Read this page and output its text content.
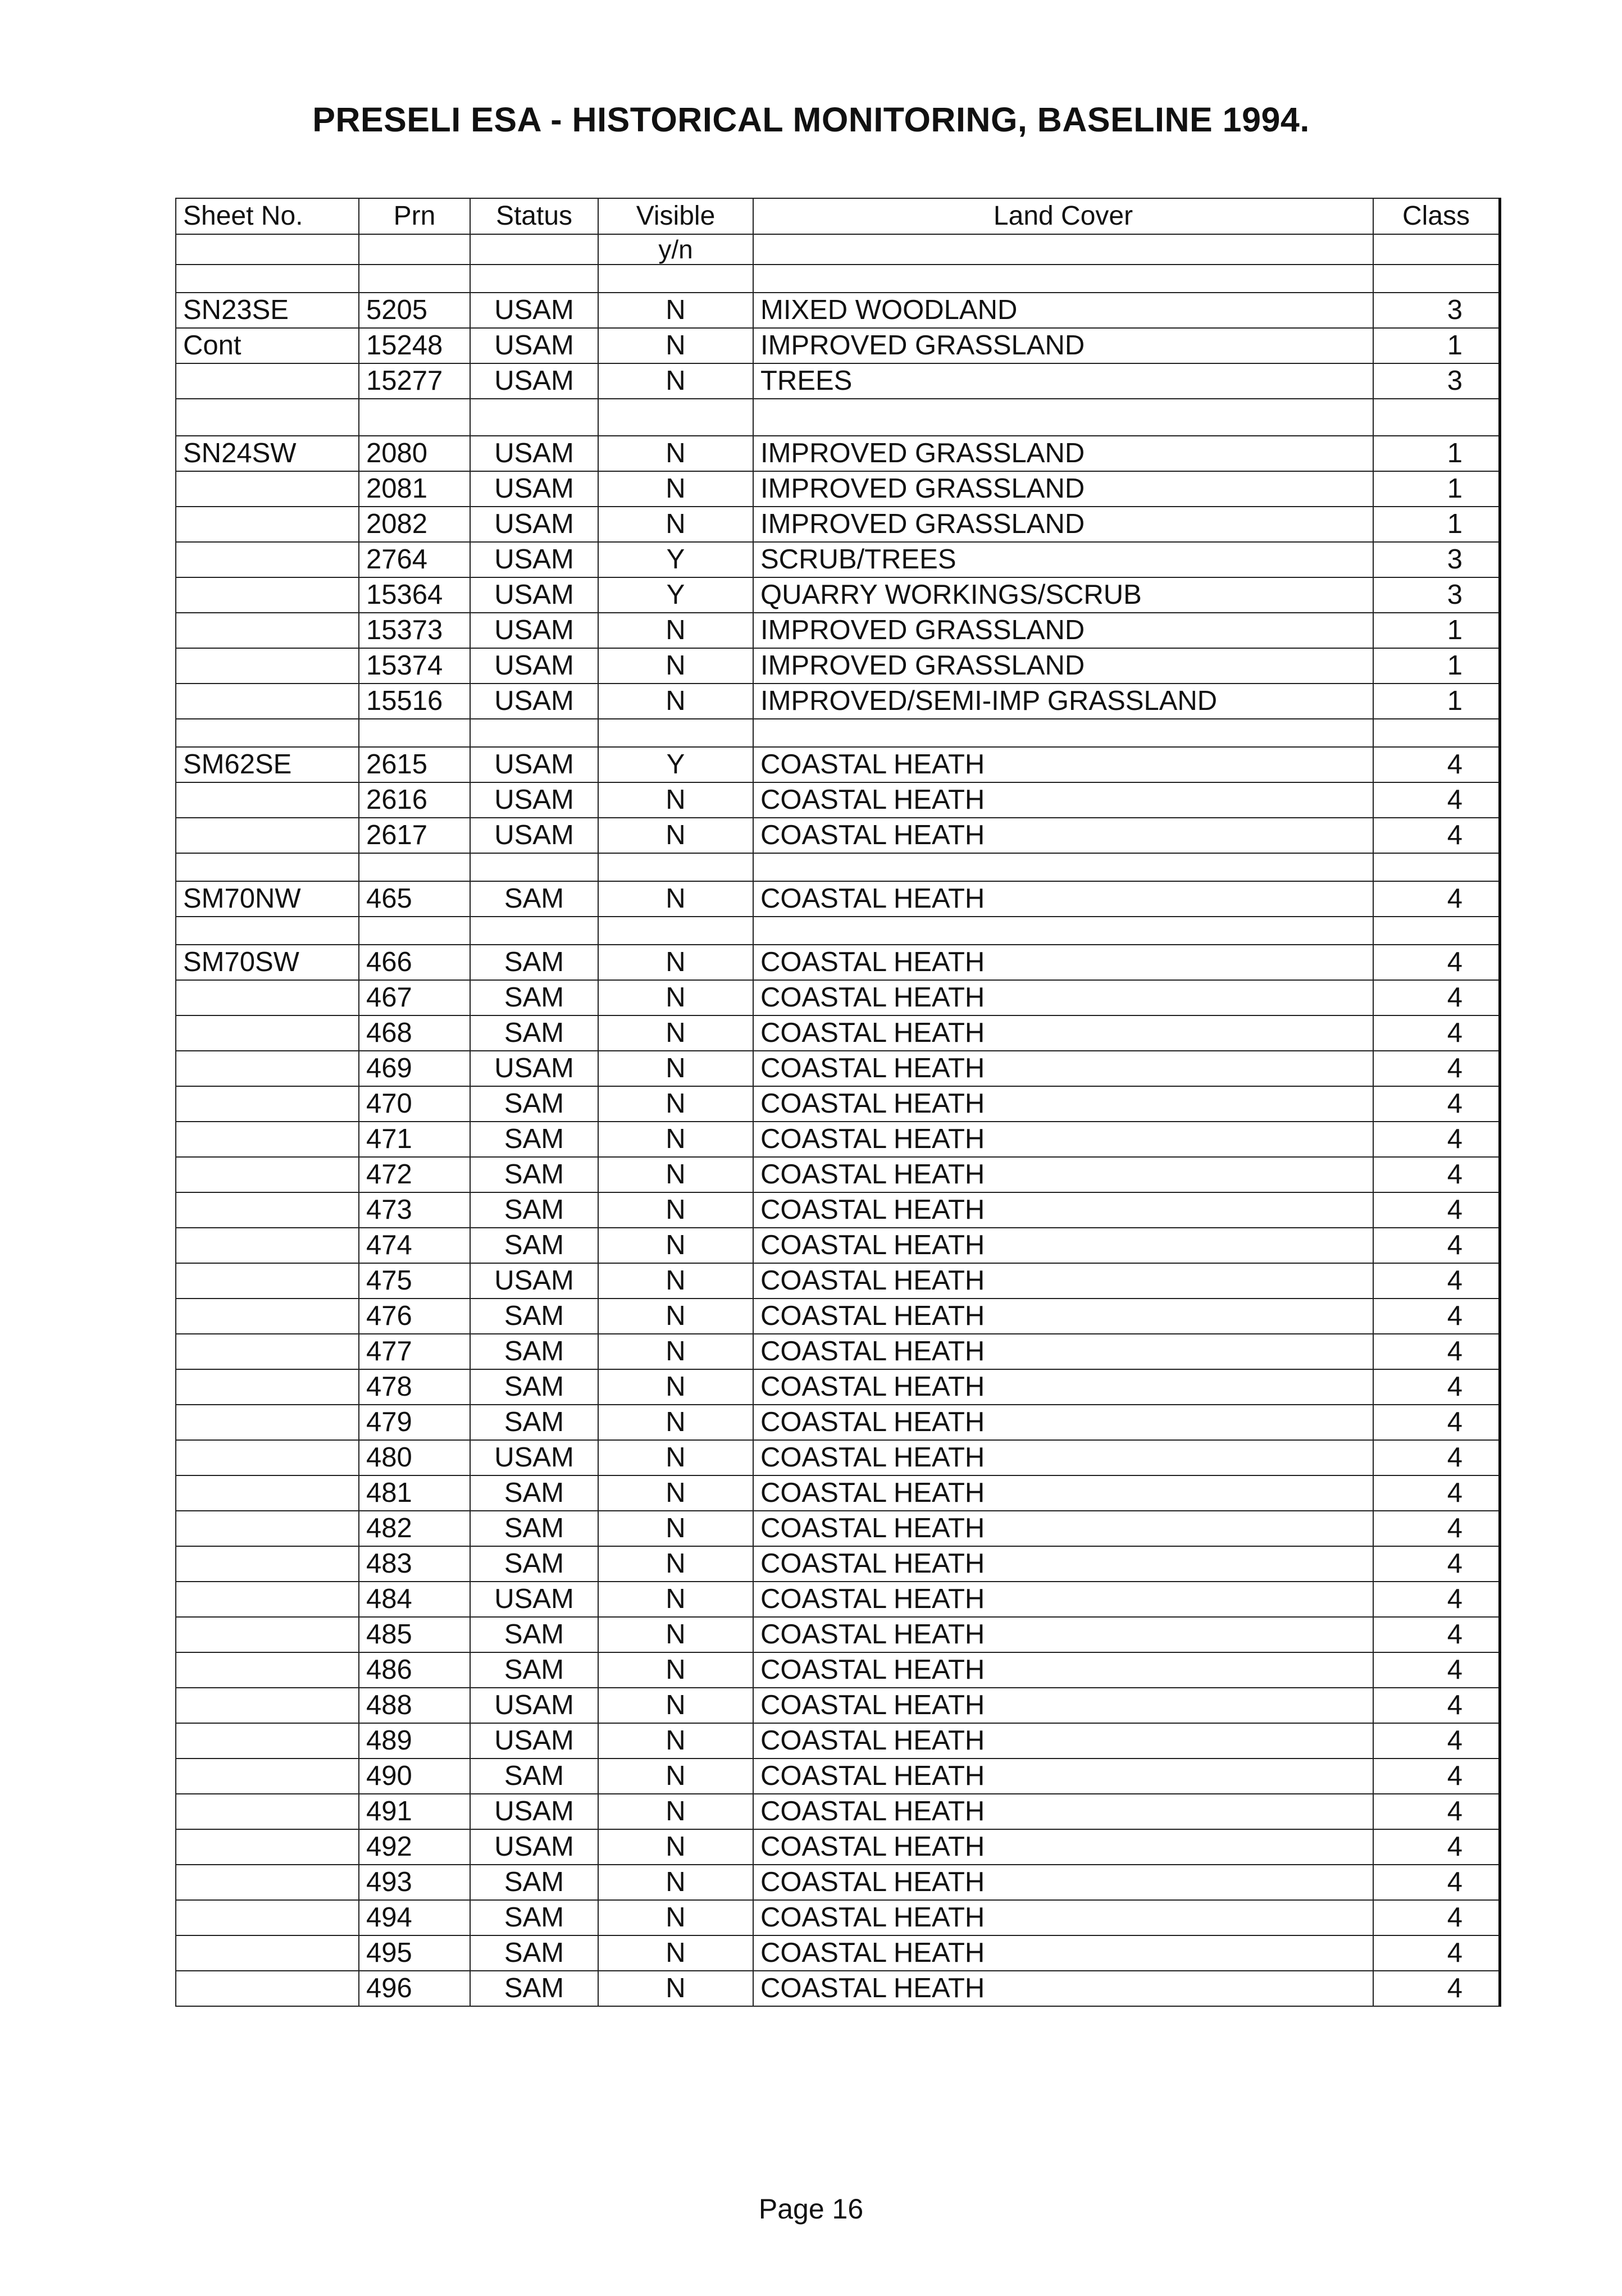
PRESELI ESA - HISTORICAL MONITORING, BASELINE 1994.
Sheet No.	Prn	Status	Visible	Land Cover	Class
			y/n		

SN23SE	5205	USAM	N	MIXED WOODLAND	3
Cont	15248	USAM	N	IMPROVED GRASSLAND	1
	15277	USAM	N	TREES	3

SN24SW	2080	USAM	N	IMPROVED GRASSLAND	1
	2081	USAM	N	IMPROVED GRASSLAND	1
	2082	USAM	N	IMPROVED GRASSLAND	1
	2764	USAM	Y	SCRUB/TREES	3
	15364	USAM	Y	QUARRY WORKINGS/SCRUB	3
	15373	USAM	N	IMPROVED GRASSLAND	1
	15374	USAM	N	IMPROVED GRASSLAND	1
	15516	USAM	N	IMPROVED/SEMI-IMP GRASSLAND	1

SM62SE	2615	USAM	Y	COASTAL HEATH	4
	2616	USAM	N	COASTAL HEATH	4
	2617	USAM	N	COASTAL HEATH	4

SM70NW	465	SAM	N	COASTAL HEATH	4

SM70SW	466	SAM	N	COASTAL HEATH	4
	467	SAM	N	COASTAL HEATH	4
	468	SAM	N	COASTAL HEATH	4
	469	USAM	N	COASTAL HEATH	4
	470	SAM	N	COASTAL HEATH	4
	471	SAM	N	COASTAL HEATH	4
	472	SAM	N	COASTAL HEATH	4
	473	SAM	N	COASTAL HEATH	4
	474	SAM	N	COASTAL HEATH	4
	475	USAM	N	COASTAL HEATH	4
	476	SAM	N	COASTAL HEATH	4
	477	SAM	N	COASTAL HEATH	4
	478	SAM	N	COASTAL HEATH	4
	479	SAM	N	COASTAL HEATH	4
	480	USAM	N	COASTAL HEATH	4
	481	SAM	N	COASTAL HEATH	4
	482	SAM	N	COASTAL HEATH	4
	483	SAM	N	COASTAL HEATH	4
	484	USAM	N	COASTAL HEATH	4
	485	SAM	N	COASTAL HEATH	4
	486	SAM	N	COASTAL HEATH	4
	488	USAM	N	COASTAL HEATH	4
	489	USAM	N	COASTAL HEATH	4
	490	SAM	N	COASTAL HEATH	4
	491	USAM	N	COASTAL HEATH	4
	492	USAM	N	COASTAL HEATH	4
	493	SAM	N	COASTAL HEATH	4
	494	SAM	N	COASTAL HEATH	4
	495	SAM	N	COASTAL HEATH	4
	496	SAM	N	COASTAL HEATH	4
Page 16
